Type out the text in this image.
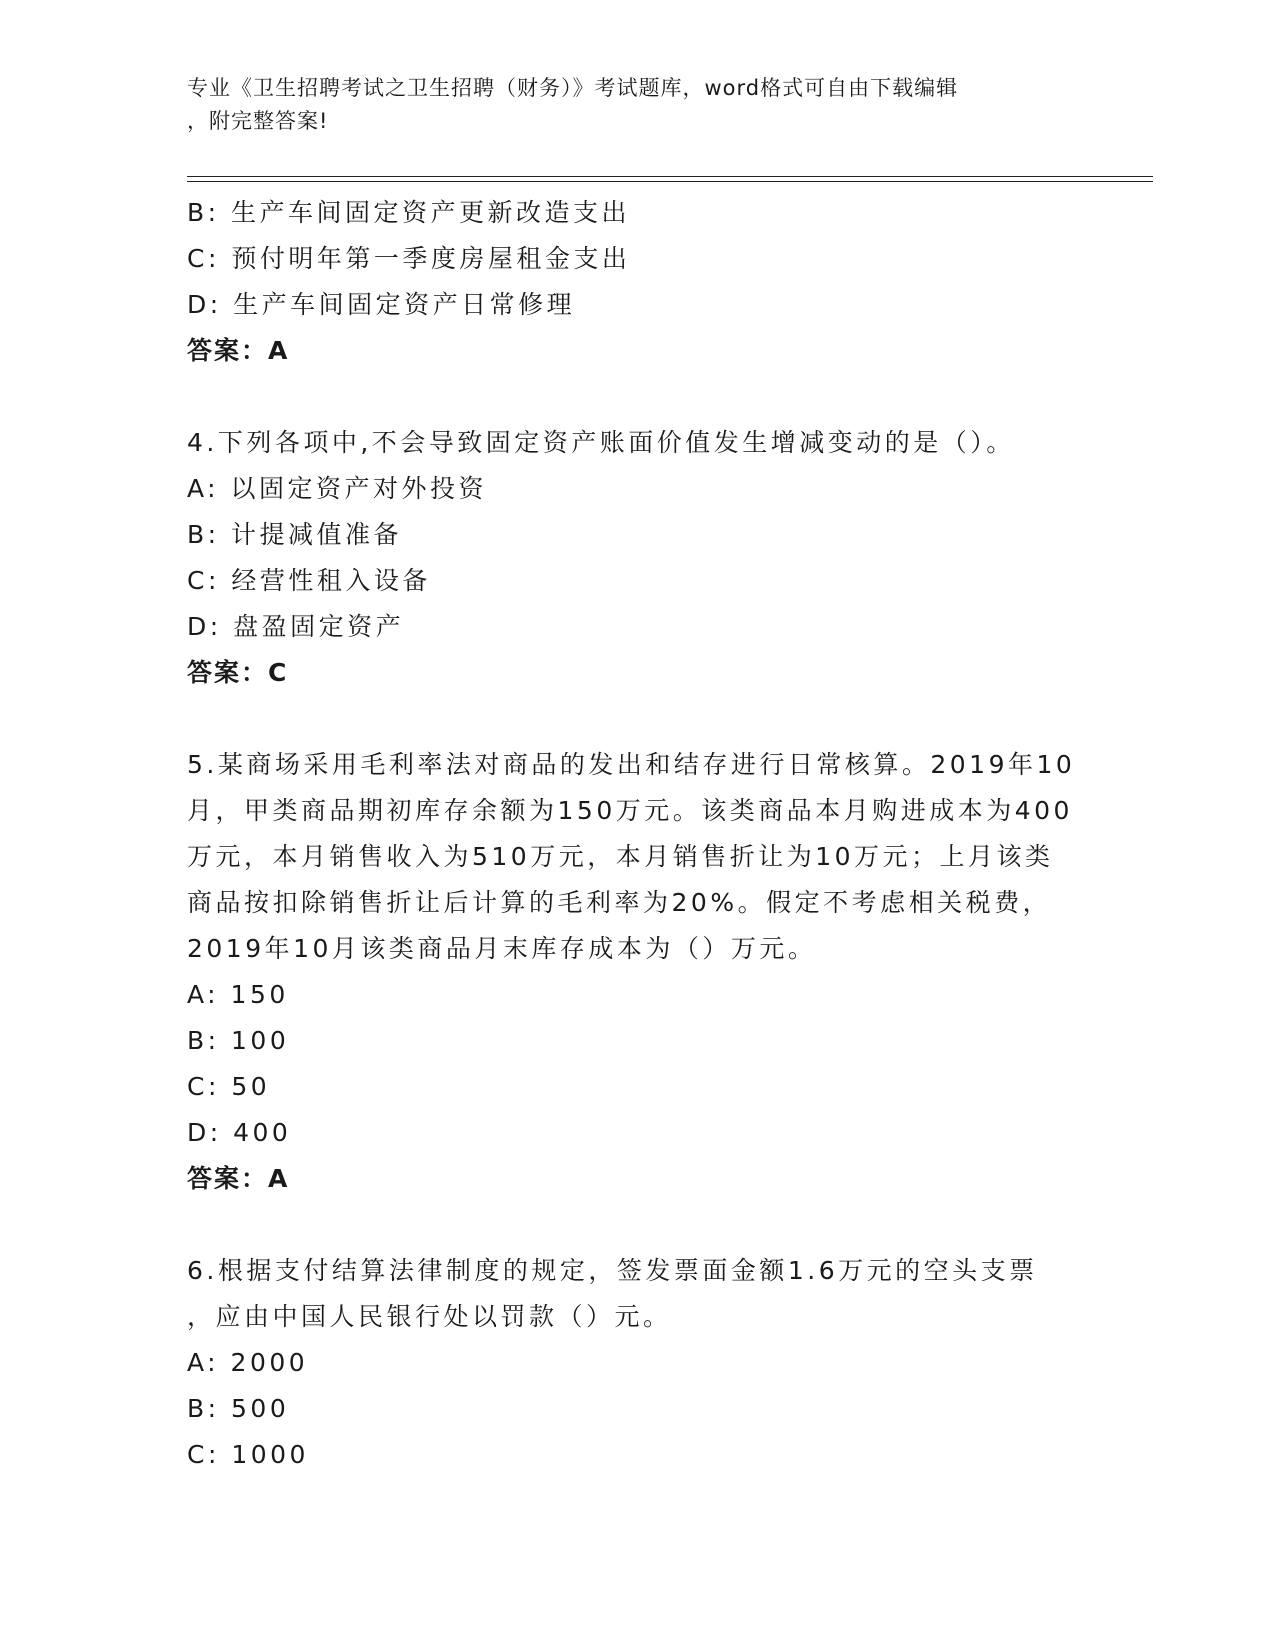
专业《卫生招聘考试之卫生招聘（财务）》考试题库，word格式可自由下载编辑
，附完整答案!
B: 生产车间固定资产更新改造支出
C: 预付明年第一季度房屋租金支出
D: 生产车间固定资产日常修理
答案：A
4.下列各项中,不会导致固定资产账面价值发生增减变动的是（）。
A: 以固定资产对外投资
B: 计提减值准备
C: 经营性租入设备
D: 盘盈固定资产
答案：C
5.某商场采用毛利率法对商品的发出和结存进行日常核算。2019年10
月，甲类商品期初库存余额为150万元。该类商品本月购进成本为400
万元，本月销售收入为510万元，本月销售折让为10万元；上月该类
商品按扣除销售折让后计算的毛利率为20%。假定不考虑相关税费，
2019年10月该类商品月末库存成本为（）万元。
A: 150
B: 100
C: 50
D: 400
答案：A
6.根据支付结算法律制度的规定，签发票面金额1.6万元的空头支票
，应由中国人民银行处以罚款（）元。
A: 2000
B: 500
C: 1000
